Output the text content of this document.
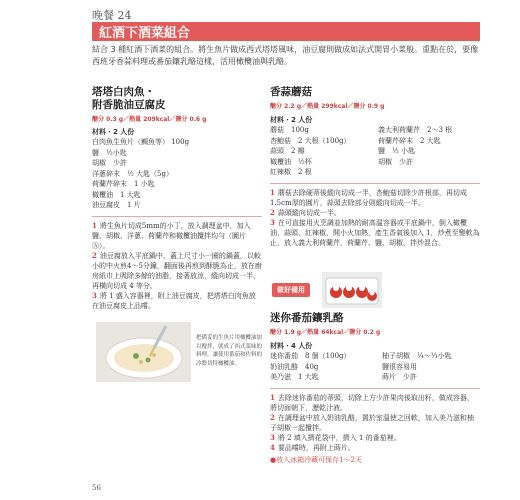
晚餐 24
紅酒下酒菜組合
結合 3 種紅酒下酒菜的組合。將生魚片做成西式塔塔風味，油豆腐則做成如法式開胃小菜般。重點在於，要像西班牙香蒜料理或番茄鑲乳酪這樣，活用橄欖油與乳酪。
塔塔白肉魚・
附香脆油豆腐皮
醣分 0.3 g／熱量 209kcal／鹽分 0.6 g
材料・2 人份
白肉魚生魚片（鯛魚等） 100g
鹽　½小匙
胡椒　少許
洋蔥碎末　½ 大匙（5g）
荷蘭芹碎末　1 小匙
橄欖油　1 大匙
油豆腐皮　1 片
1 將生魚片切成5mm的小丁，放入調理盆中，加入鹽、胡椒、洋蔥、荷蘭芹和橄欖油攪拌均勻（圖片Ⓐ）。
2 油豆腐放入平底鍋中，蓋上尺寸小一圈的鍋蓋，以較小的中火煎4～5分鐘，翻面後再煎到酥脆為止，放在廚房紙巾上吸除多餘的油脂，接著放涼，縱向切成一半，再橫向切成 4 等分。
3 將 1 盛入容器裡，附上油豆腐皮，把塔塔白肉魚放在油豆腐皮上品嚐。
把備妥的生魚片用橄欖油加以攪拌，就成了西式菜味的料理。讓使用番茄和佐料的冷盤切特橄欖油。
香蒜蘑菇
醣分 2.2 g／熱量 299kcal／鹽分 0.9 g
材料・2 人份
蘑菇　100g
杏鮑菇　2 大根（100g）
蒜頭　2 瓣
橄欖油　½杯
紅辣椒　2 根
義大利荷蘭芹　2～3 根
荷蘭芹碎末　2 大匙
鹽　½ 小匙
胡椒　少許
1 蘑菇去除硬蒂後縱向切成一半，杏鮑菇切除少許根部，再切成1.5cm厚的圓片，蒜頭去除部分則縱向切成一半。
2 蒜頭縱向切成一半。
3 在可直接用火烹調並加熱的耐高溫容器或平底鍋中，倒入橄欖油、蒜頭、紅辣椒，開小火加熱，產生香氣後加入 1，炒煮至變軟為止，放入義大利荷蘭芹，荷蘭芹、鹽、胡椒，拌炒混合。
做好備用
迷你番茄鑲乳酪
醣分 1.9 g／熱量 64kcal／鹽分 0.2 g
材料・4 人份
迷你番茄　8 個（100g）
奶油乳酪　40g
美乃滋　1 大匙
柚子胡椒　¼～⅓小匙
鹽很容易用
蒔片　少許
1 去除迷你番茄的蒂頭，切除上方少許果肉後取出籽，做成容器，將切面朝下，瀝乾汁液。
2 在調理盆中放入奶油乳酪，置於室溫使之回軟，加入美乃滋和柚子胡椒一起攪拌。
3 將 2 填入擠花袋中，擠入 1 的番茄裡。
4 要品嚐時，再附上蒔片。
●放入冰箱冷藏可保存1～2天
56
